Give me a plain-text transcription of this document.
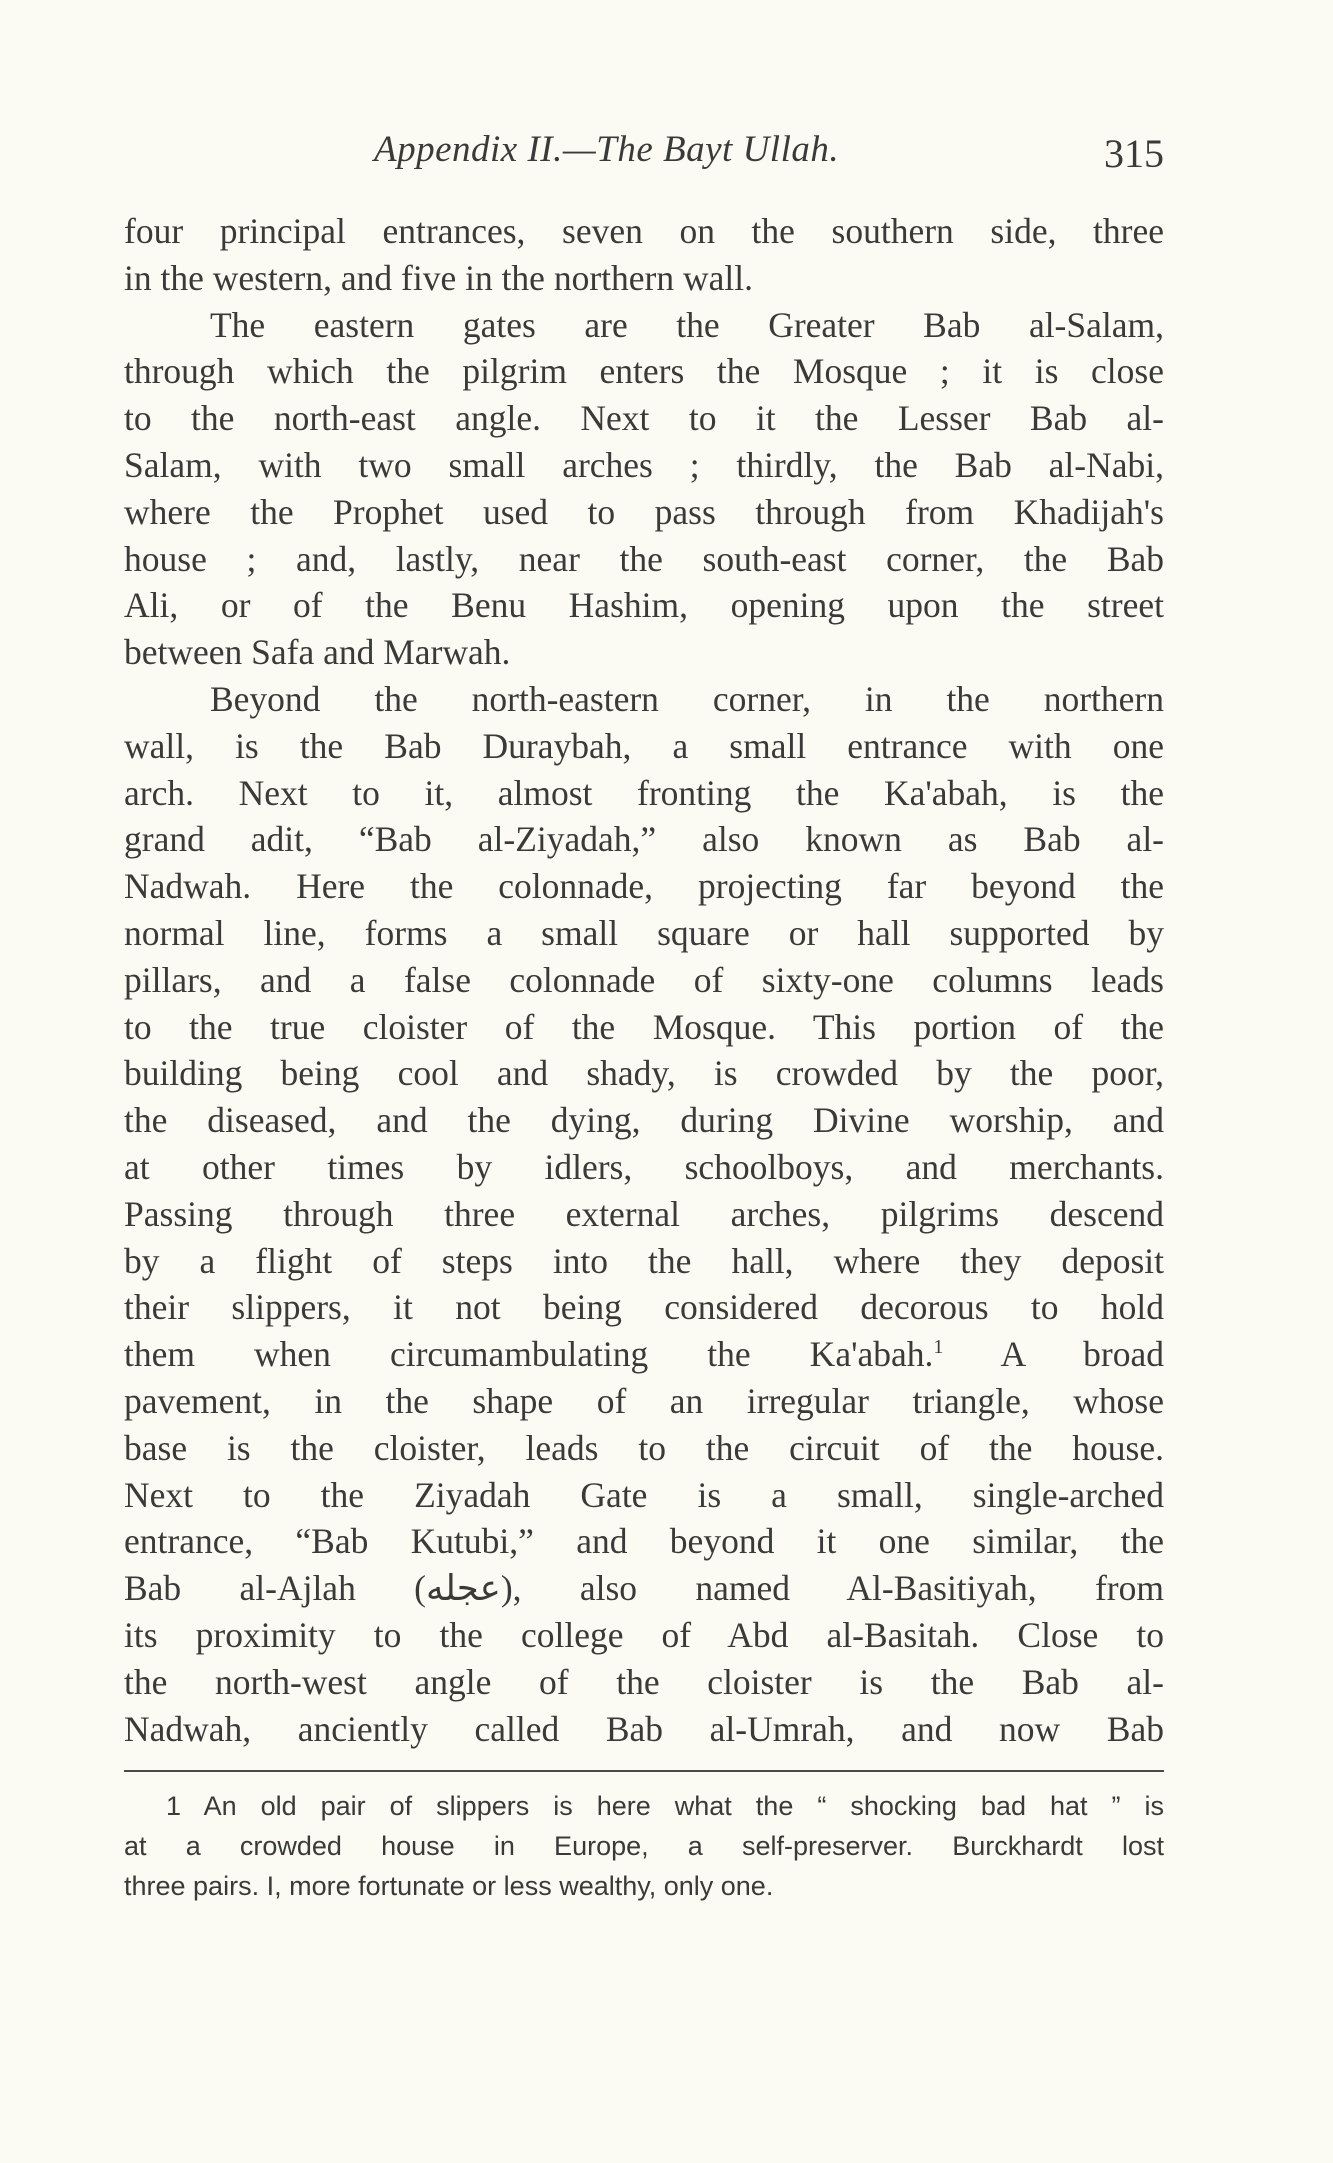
Appendix II.—The Bayt Ullah.	315
four principal entrances, seven on the southern side, three
in the western, and five in the northern wall.
The eastern gates are the Greater Bab al-Salam,
through which the pilgrim enters the Mosque ; it is close
to the north-east angle. Next to it the Lesser Bab al-
Salam, with two small arches ; thirdly, the Bab al-Nabi,
where the Prophet used to pass through from Khadijah's
house ; and, lastly, near the south-east corner, the Bab
Ali, or of the Benu Hashim, opening upon the street
between Safa and Marwah.
Beyond the north-eastern corner, in the northern
wall, is the Bab Duraybah, a small entrance with one
arch. Next to it, almost fronting the Ka'abah, is the
grand adit, “Bab al-Ziyadah,” also known as Bab al-
Nadwah. Here the colonnade, projecting far beyond the
normal line, forms a small square or hall supported by
pillars, and a false colonnade of sixty-one columns leads
to the true cloister of the Mosque. This portion of the
building being cool and shady, is crowded by the poor,
the diseased, and the dying, during Divine worship, and
at other times by idlers, schoolboys, and merchants.
Passing through three external arches, pilgrims descend
by a flight of steps into the hall, where they deposit
their slippers, it not being considered decorous to hold
them when circumambulating the Ka'abah.$^1$ A broad
pavement, in the shape of an irregular triangle, whose
base is the cloister, leads to the circuit of the house.
Next to the Ziyadah Gate is a small, single-arched
entrance, “Bab Kutubi,” and beyond it one similar, the
Bab al-Ajlah (عجله), also named Al-Basitiyah, from
its proximity to the college of Abd al-Basitah. Close to
the north-west angle of the cloister is the Bab al-
Nadwah, anciently called Bab al-Umrah, and now Bab
1 An old pair of slippers is here what the “ shocking bad hat ” is
at a crowded house in Europe, a self-preserver. Burckhardt lost
three pairs. I, more fortunate or less wealthy, only one.
